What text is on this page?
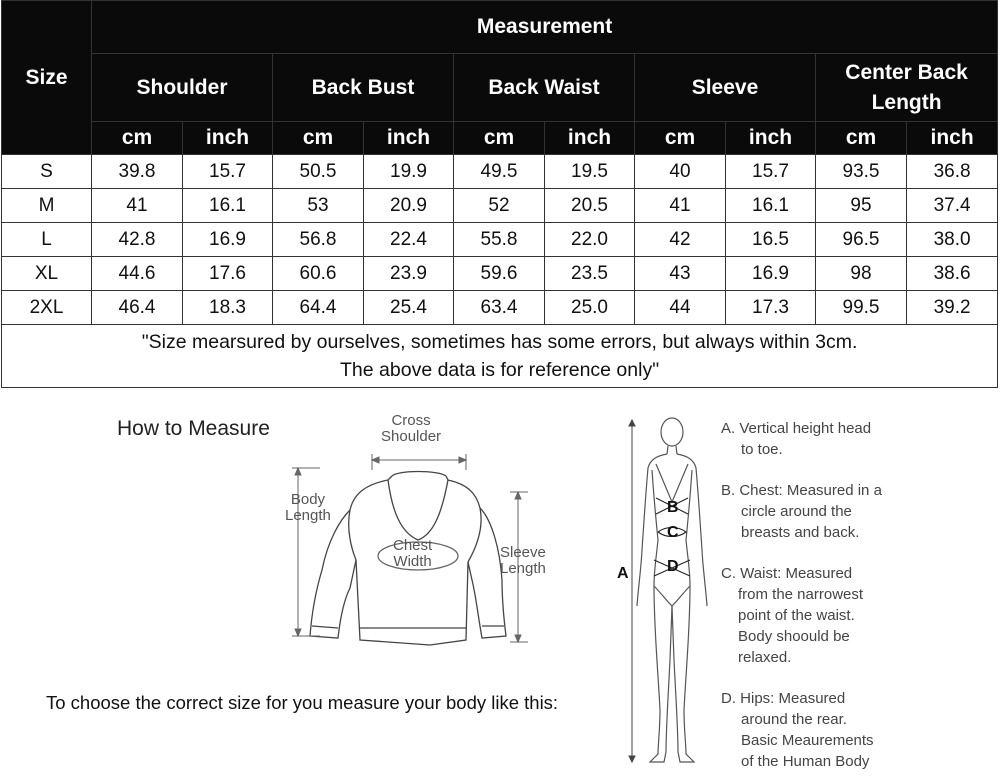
Size	Measurement									
	Shoulder		Back Bust		Back Waist		Sleeve		Center Back Length	
	cm	inch	cm	inch	cm	inch	cm	inch	cm	inch
S	39.8	15.7	50.5	19.9	49.5	19.5	40	15.7	93.5	36.8
M	41	16.1	53	20.9	52	20.5	41	16.1	95	37.4
L	42.8	16.9	56.8	22.4	55.8	22.0	42	16.5	96.5	38.0
XL	44.6	17.6	60.6	23.9	59.6	23.5	43	16.9	98	38.6
2XL	46.4	18.3	64.4	25.4	63.4	25.0	44	17.3	99.5	39.2

"Size mearsured by ourselves, sometimes has some errors, but always within 3cm.
The above data is for reference only"										
How to Measure
To choose the correct size for you measure your body like this:
Cross
Shoulder
Body
Length
Chest
Width
Sleeve
Length	A
B
C
D
A. Vertical height head
to toe.
B. Chest: Measured in a
circle around the
breasts and back.
C. Waist: Measured
from the narrowest
point of the waist.
Body shoould be
relaxed.
D. Hips: Measured
around the rear.
Basic Meaurements
of the Human Body
